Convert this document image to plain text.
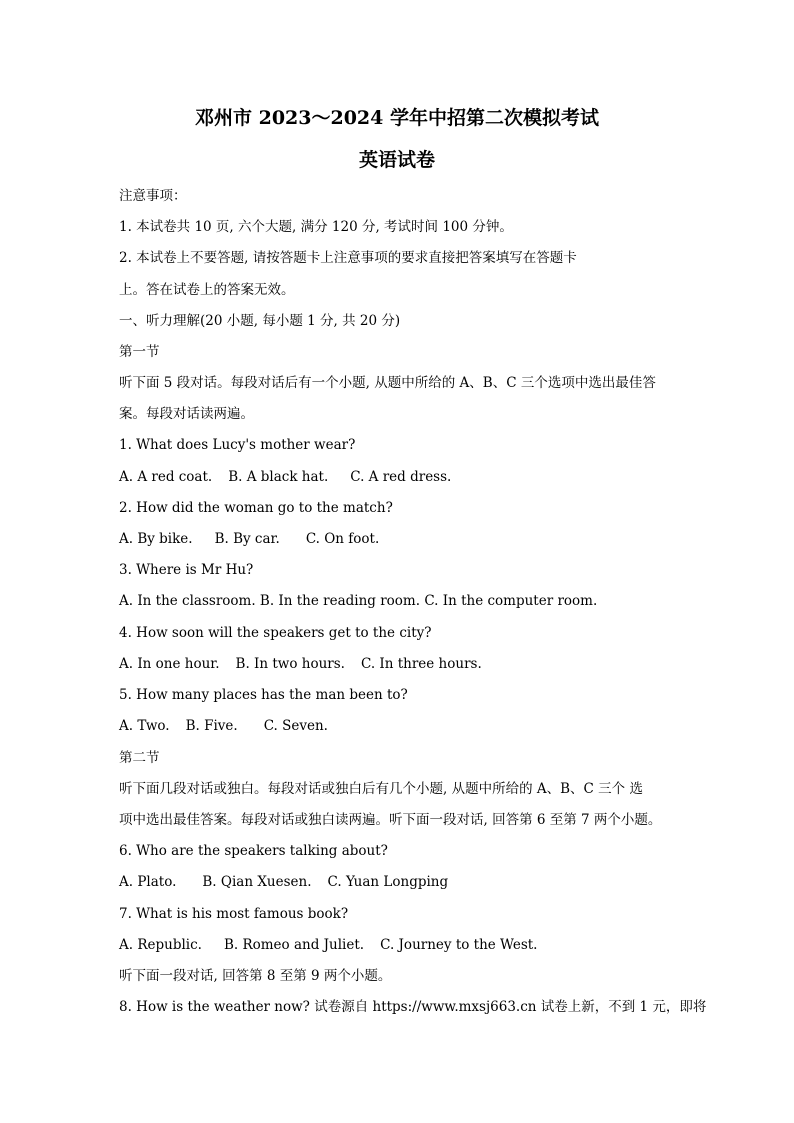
邓州市 2023～2024 学年中招第二次模拟考试
英语试卷
注意事项：
1. 本试卷共 10 页, 六个大题, 满分 120 分, 考试时间 100 分钟。
2. 本试卷上不要答题, 请按答题卡上注意事项的要求直接把答案填写在答题卡
上。答在试卷上的答案无效。
一、听力理解(20 小题, 每小题 1 分, 共 20 分)
第一节
听下面 5 段对话。每段对话后有一个小题, 从题中所给的 A、B、C 三个选项中选出最佳答
案。每段对话读两遍。
1. What does Lucy's mother wear?
A. A red coat. B. A black hat. C. A red dress.
2. How did the woman go to the match?
A. By bike. B. By car. C. On foot.
3. Where is Mr Hu?
A. In the classroom. B. In the reading room. C. In the computer room.
4. How soon will the speakers get to the city?
A. In one hour. B. In two hours. C. In three hours.
5. How many places has the man been to?
A. Two. B. Five. C. Seven.
第二节
听下面几段对话或独白。每段对话或独白后有几个小题, 从题中所给的 A、B、C 三个 选
项中选出最佳答案。每段对话或独白读两遍。听下面一段对话, 回答第 6 至第 7 两个小题。
6. Who are the speakers talking about?
A. Plato. B. Qian Xuesen. C. Yuan Longping
7. What is his most famous book?
A. Republic. B. Romeo and Juliet. C. Journey to the West.
听下面一段对话, 回答第 8 至第 9 两个小题。
8. How is the weather now? 试卷源自 https://www.mxsj663.cn 试卷上新，不到 1 元，即将
